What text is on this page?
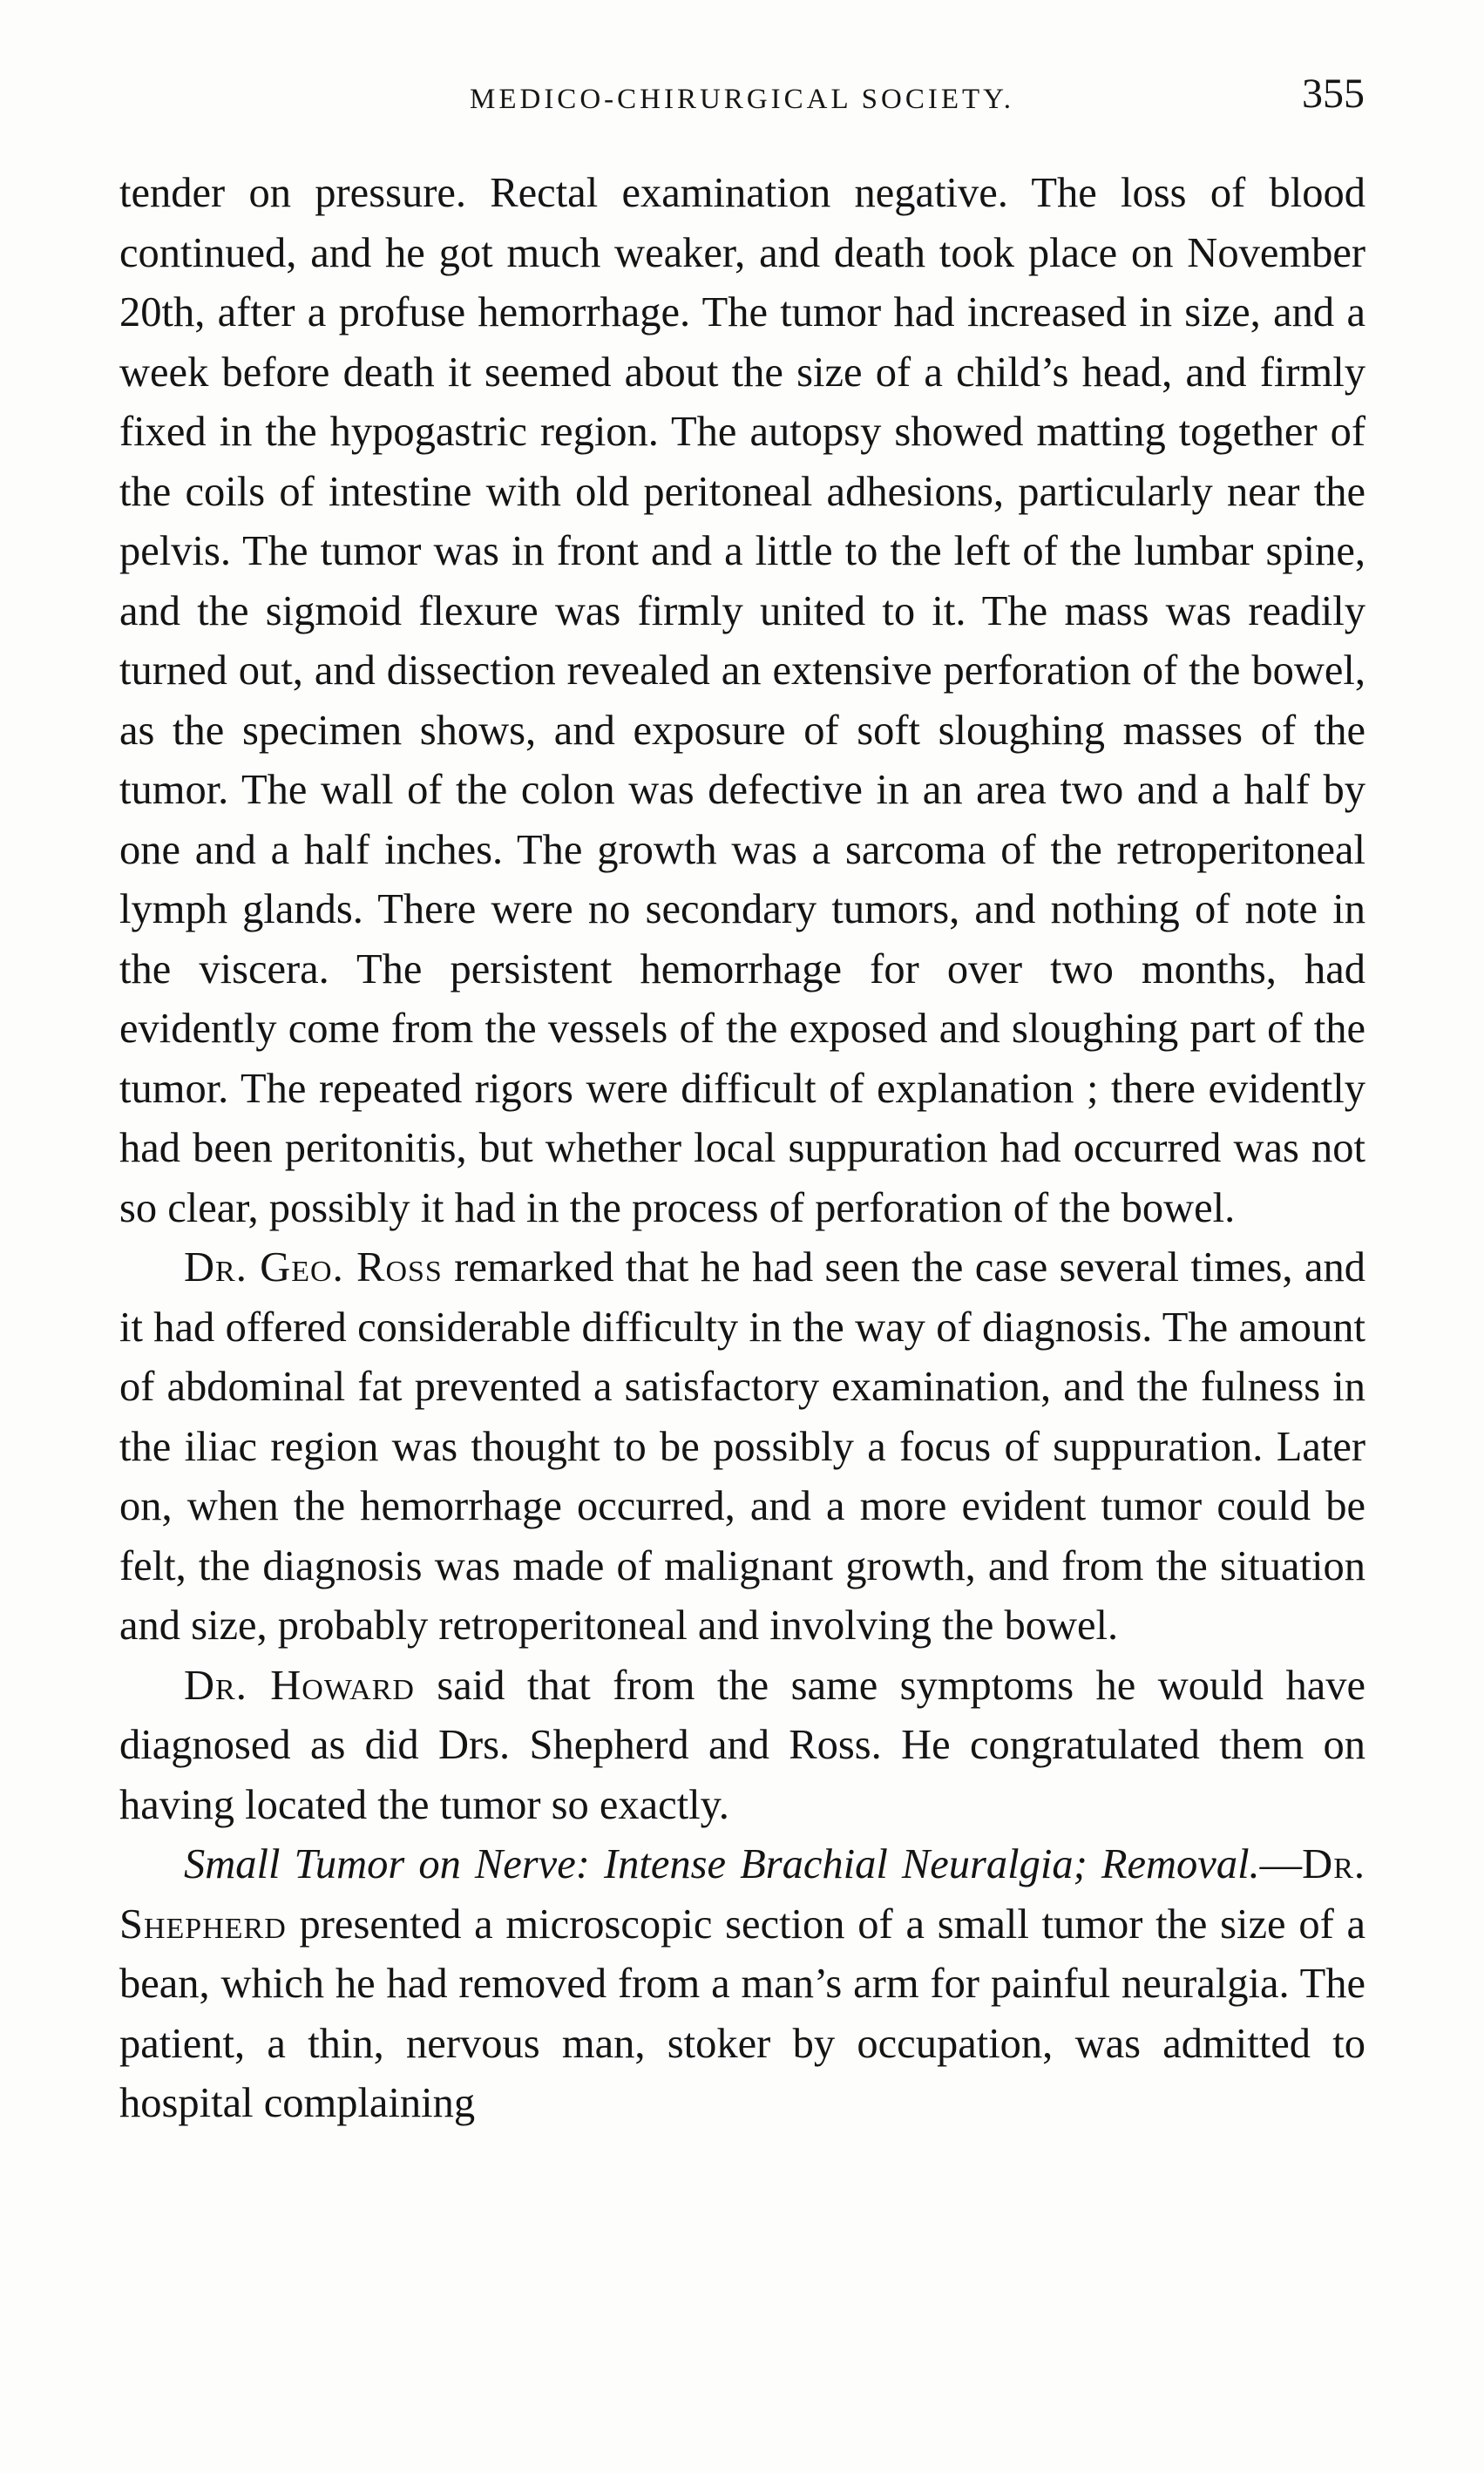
MEDICO-CHIRURGICAL SOCIETY.	355

tender on pressure. Rectal examination negative. The loss of blood continued, and he got much weaker, and death took place on November 20th, after a profuse hemorrhage. The tumor had increased in size, and a week before death it seemed about the size of a child’s head, and firmly fixed in the hypogastric region. The autopsy showed matting together of the coils of intestine with old peritoneal adhesions, particularly near the pelvis. The tumor was in front and a little to the left of the lumbar spine, and the sigmoid flexure was firmly united to it. The mass was readily turned out, and dissection revealed an extensive perforation of the bowel, as the specimen shows, and exposure of soft sloughing masses of the tumor. The wall of the colon was defective in an area two and a half by one and a half inches. The growth was a sarcoma of the retroperitoneal lymph glands. There were no secondary tumors, and nothing of note in the viscera. The persistent hemorrhage for over two months, had evidently come from the vessels of the exposed and sloughing part of the tumor. The repeated rigors were difficult of explanation ; there evidently had been peritonitis, but whether local suppuration had occurred was not so clear, possibly it had in the process of perforation of the bowel.

Dr. Geo. Ross remarked that he had seen the case several times, and it had offered considerable difficulty in the way of diagnosis. The amount of abdominal fat prevented a satisfactory examination, and the fulness in the iliac region was thought to be possibly a focus of suppuration. Later on, when the hemorrhage occurred, and a more evident tumor could be felt, the diagnosis was made of malignant growth, and from the situation and size, probably retroperitoneal and involving the bowel.

Dr. Howard said that from the same symptoms he would have diagnosed as did Drs. Shepherd and Ross. He congratulated them on having located the tumor so exactly.

Small Tumor on Nerve: Intense Brachial Neuralgia; Removal.—Dr. Shepherd presented a microscopic section of a small tumor the size of a bean, which he had removed from a man’s arm for painful neuralgia. The patient, a thin, nervous man, stoker by occupation, was admitted to hospital complaining
